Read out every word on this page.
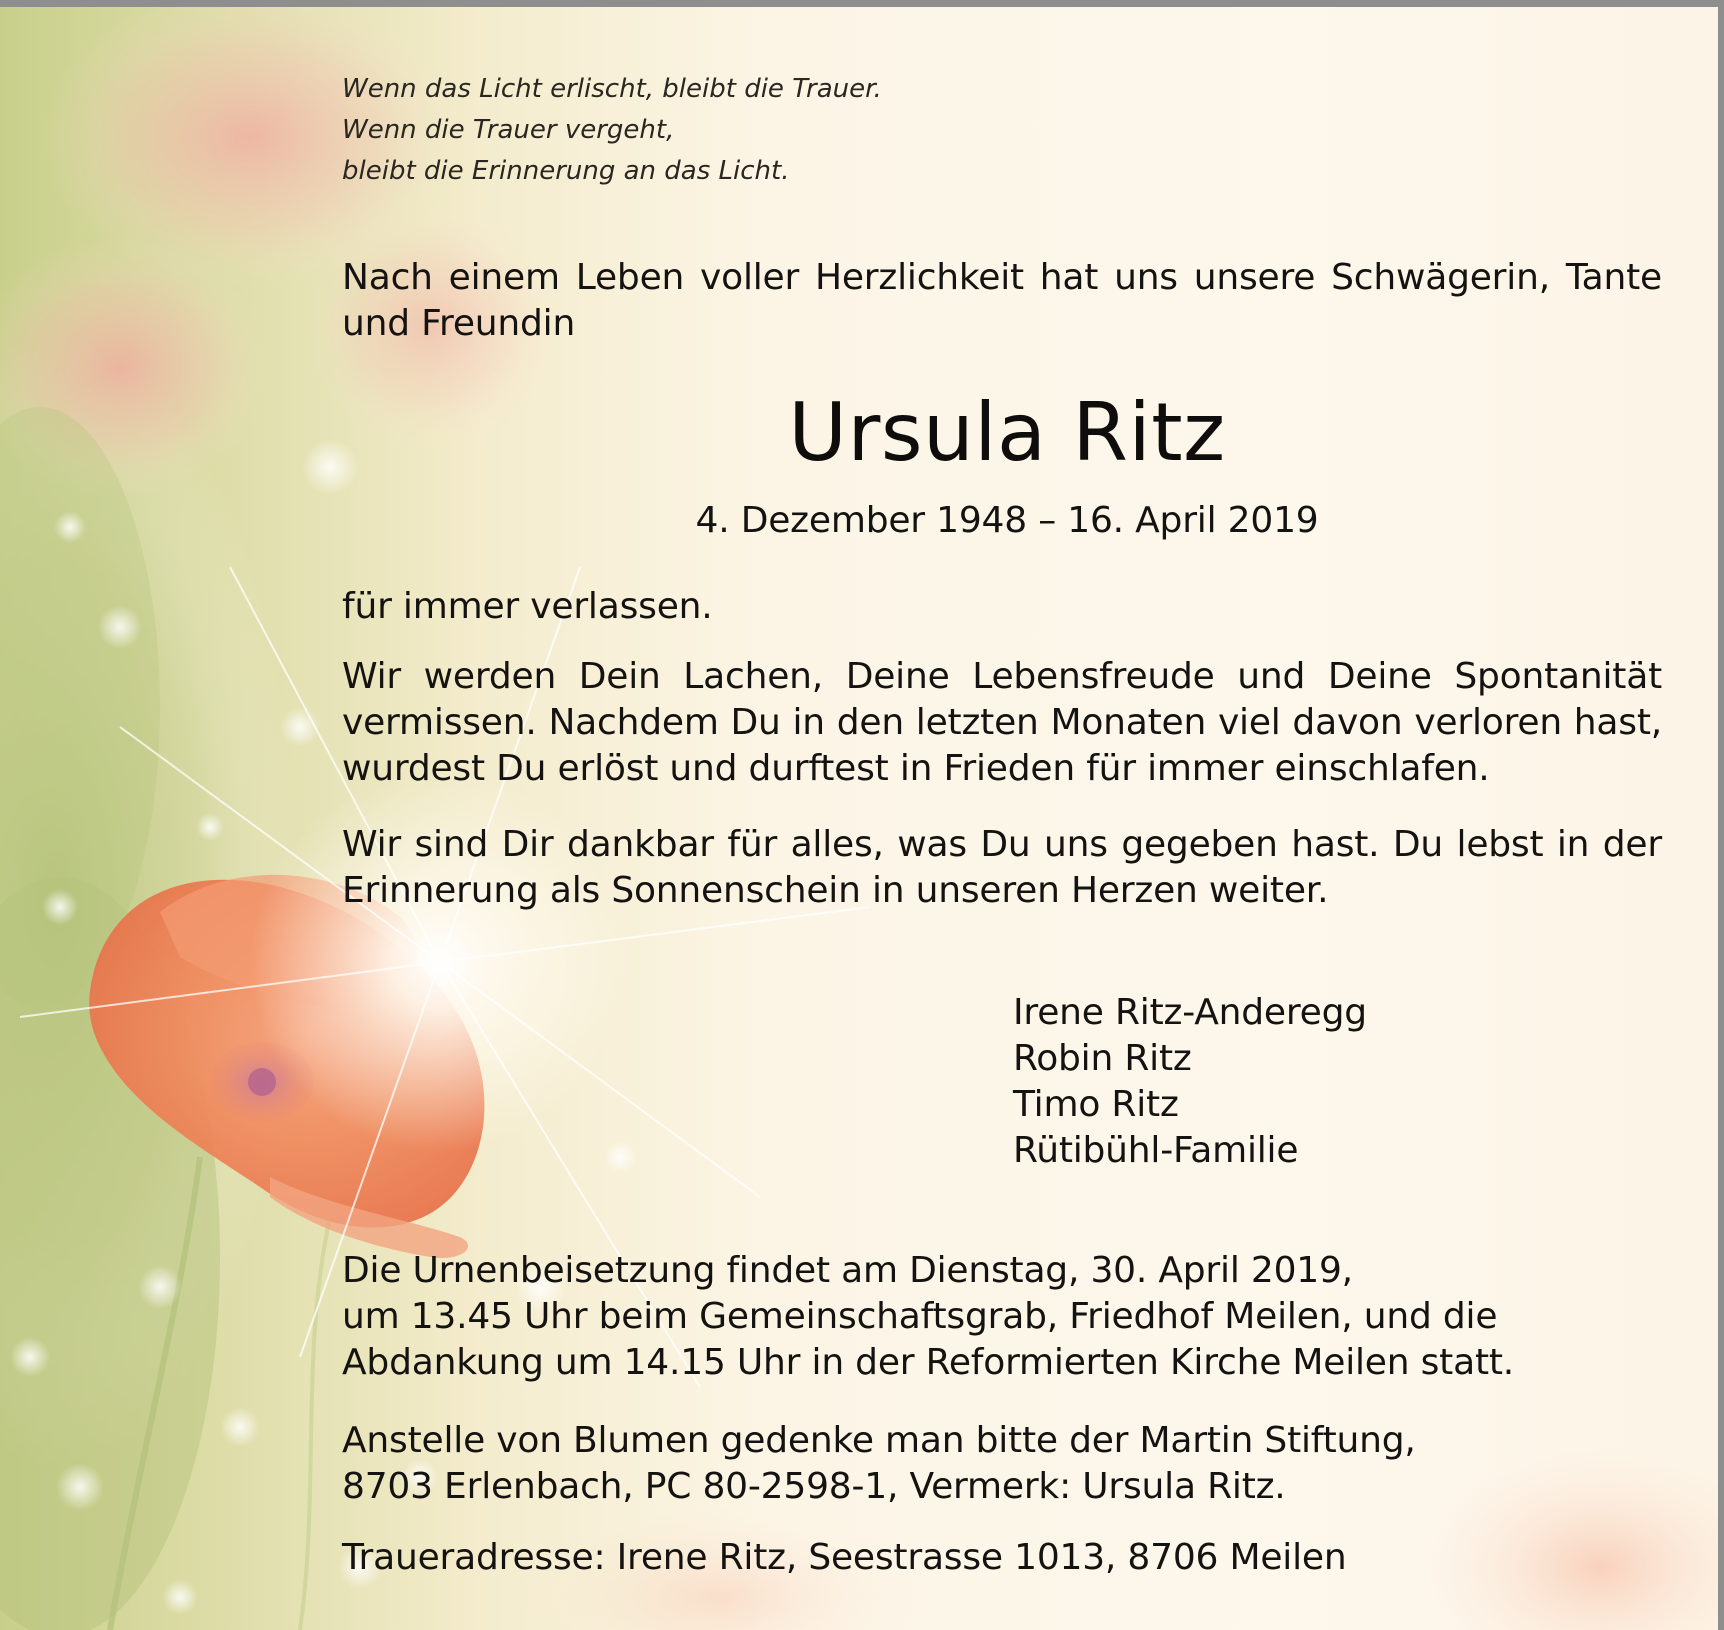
Wenn das Licht erlischt, bleibt die Trauer.
Wenn die Trauer vergeht,
bleibt die Erinnerung an das Licht.
Nach einem Leben voller Herzlichkeit hat uns unsere Schwägerin, Tante und Freundin
Ursula Ritz
4. Dezember 1948 – 16. April 2019
für immer verlassen.
Wir werden Dein Lachen, Deine Lebensfreude und Deine Spontanität vermissen. Nachdem Du in den letzten Monaten viel davon verloren hast, wurdest Du erlöst und durftest in Frieden für immer einschlafen.
Wir sind Dir dankbar für alles, was Du uns gegeben hast. Du lebst in der Erinnerung als Sonnenschein in unseren Herzen weiter.
Irene Ritz-Anderegg
Robin Ritz
Timo Ritz
Rütibühl-Familie
Die Urnenbeisetzung findet am Dienstag, 30. April 2019,
um 13.45 Uhr beim Gemeinschaftsgrab, Friedhof Meilen, und die
Abdankung um 14.15 Uhr in der Reformierten Kirche Meilen statt.
Anstelle von Blumen gedenke man bitte der Martin Stiftung,
8703 Erlenbach, PC 80-2598-1, Vermerk: Ursula Ritz.
Traueradresse: Irene Ritz, Seestrasse 1013, 8706 Meilen
